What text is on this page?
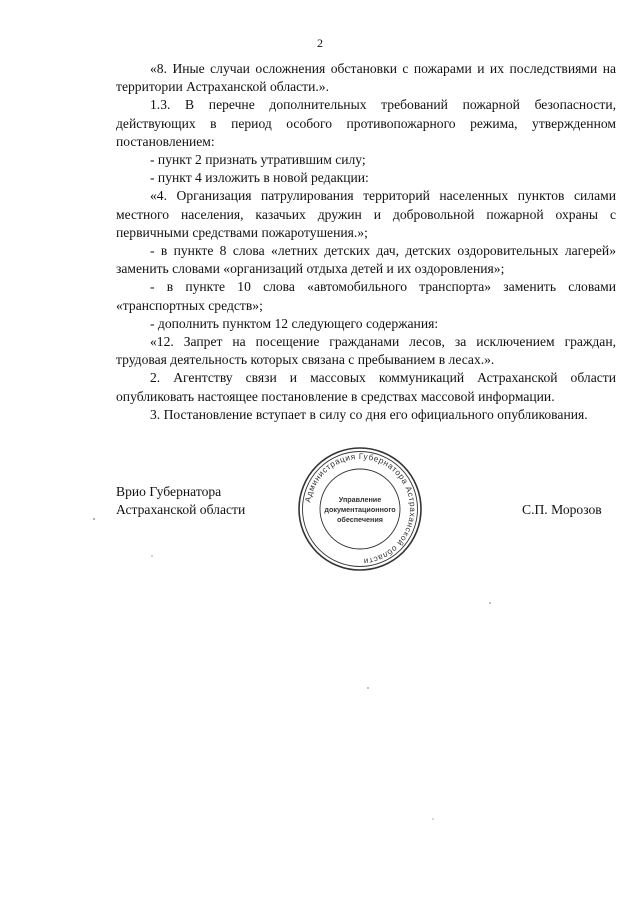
2

«8. Иные случаи осложнения обстановки с пожарами и их последствиями на территории Астраханской области.».

1.3. В перечне дополнительных требований пожарной безопасности, действующих в период особого противопожарного режима, утвержденном постановлением:

- пункт 2 признать утратившим силу;

- пункт 4 изложить в новой редакции:

«4. Организация патрулирования территорий населенных пунктов силами местного населения, казачьих дружин и добровольной пожарной охраны с первичными средствами пожаротушения.»;

- в пункте 8 слова «летних детских дач, детских оздоровительных лагерей» заменить словами «организаций отдыха детей и их оздоровления»;

- в пункте 10 слова «автомобильного транспорта» заменить словами «транспортных средств»;

- дополнить пунктом 12 следующего содержания:

«12. Запрет на посещение гражданами лесов, за исключением граждан, трудовая деятельность которых связана с пребыванием в лесах.».

2. Агентству связи и массовых коммуникаций Астраханской области опубликовать настоящее постановление в средствах массовой информации.

3. Постановление вступает в силу со дня его официального опубликования.

Врио Губернатора
Астраханской области
Администрация Губернатора Астраханской области
Управление
документационного
обеспечения
С.П. Морозов
